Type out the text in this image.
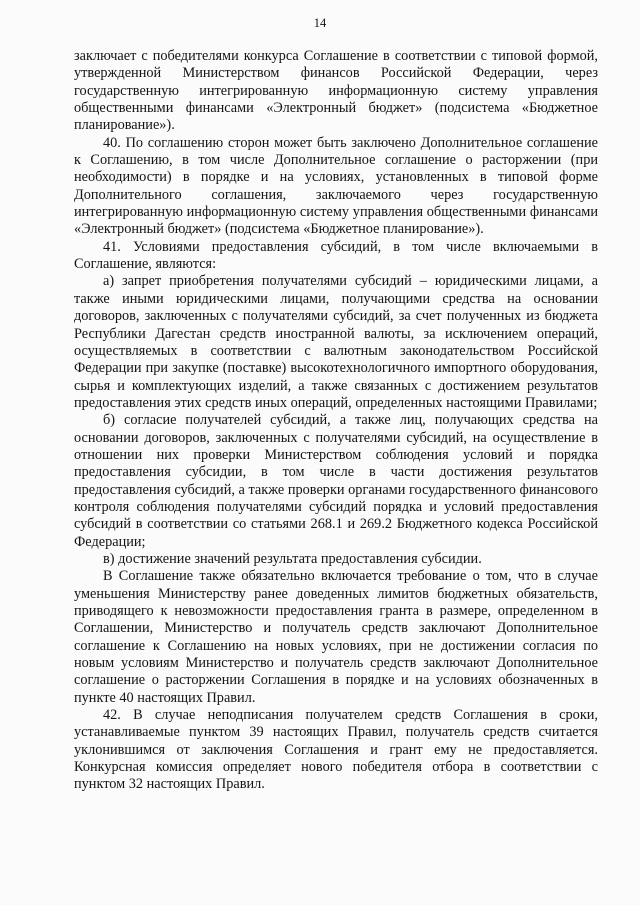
14

заключает с победителями конкурса Соглашение в соответствии с типовой формой, утвержденной Министерством финансов Российской Федерации, через государственную интегрированную информационную систему управления общественными финансами «Электронный бюджет» (подсистема «Бюджетное планирование»).

40. По соглашению сторон может быть заключено Дополнительное соглашение к Соглашению, в том числе Дополнительное соглашение о расторжении (при необходимости) в порядке и на условиях, установленных в типовой форме Дополнительного соглашения, заключаемого через государственную интегрированную информационную систему управления общественными финансами «Электронный бюджет» (подсистема «Бюджетное планирование»).

41. Условиями предоставления субсидий, в том числе включаемыми в Соглашение, являются:

а) запрет приобретения получателями субсидий – юридическими лицами, а также иными юридическими лицами, получающими средства на основании договоров, заключенных с получателями субсидий, за счет полученных из бюджета Республики Дагестан средств иностранной валюты, за исключением операций, осуществляемых в соответствии с валютным законодательством Российской Федерации при закупке (поставке) высокотехнологичного импортного оборудования, сырья и комплектующих изделий, а также связанных с достижением результатов предоставления этих средств иных операций, определенных настоящими Правилами;

б) согласие получателей субсидий, а также лиц, получающих средства на основании договоров, заключенных с получателями субсидий, на осуществление в отношении них проверки Министерством соблюдения условий и порядка предоставления субсидии, в том числе в части достижения результатов предоставления субсидий, а также проверки органами государственного финансового контроля соблюдения получателями субсидий порядка и условий предоставления субсидий в соответствии со статьями 268.1 и 269.2 Бюджетного кодекса Российской Федерации;

в) достижение значений результата предоставления субсидии.

В Соглашение также обязательно включается требование о том, что в случае уменьшения Министерству ранее доведенных лимитов бюджетных обязательств, приводящего к невозможности предоставления гранта в размере, определенном в Соглашении, Министерство и получатель средств заключают Дополнительное соглашение к Соглашению на новых условиях, при не достижении согласия по новым условиям Министерство и получатель средств заключают Дополнительное соглашение о расторжении Соглашения в порядке и на условиях обозначенных в пункте 40 настоящих Правил.

42. В случае неподписания получателем средств Соглашения в сроки, устанавливаемые пунктом 39 настоящих Правил, получатель средств считается уклонившимся от заключения Соглашения и грант ему не предоставляется. Конкурсная комиссия определяет нового победителя отбора в соответствии с пунктом 32 настоящих Правил.
